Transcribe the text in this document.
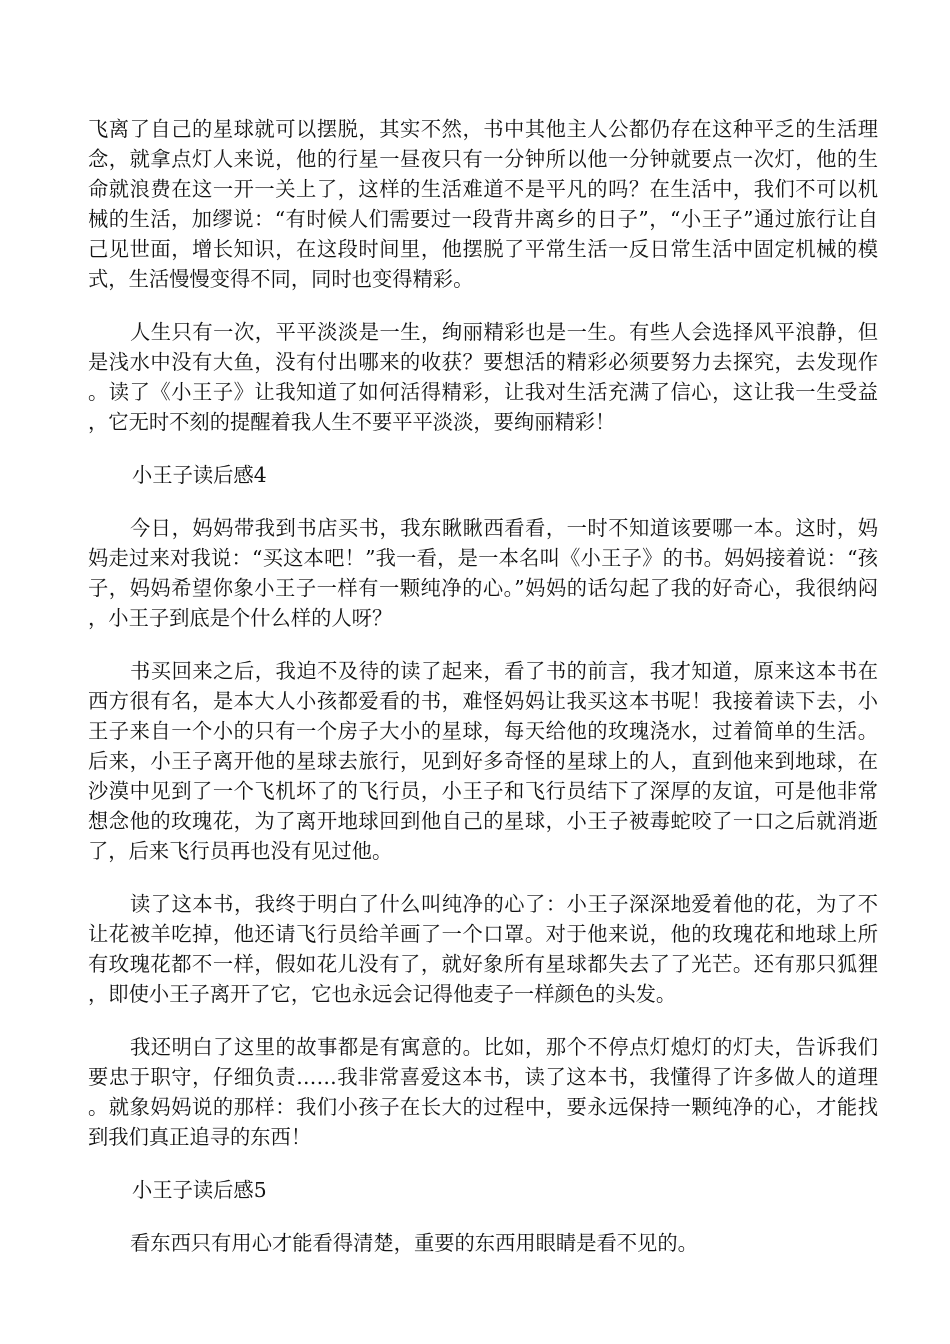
飞离了自己的星球就可以摆脱，其实不然，书中其他主人公都仍存在这种平乏的生活理念，就拿点灯人来说，他的行星一昼夜只有一分钟所以他一分钟就要点一次灯，他的生命就浪费在这一开一关上了，这样的生活难道不是平凡的吗？在生活中，我们不可以机械的生活，加缪说：“有时候人们需要过一段背井离乡的日子”，“小王子”通过旅行让自己见世面，增长知识，在这段时间里，他摆脱了平常生活一反日常生活中固定机械的模式，生活慢慢变得不同，同时也变得精彩。

人生只有一次，平平淡淡是一生，绚丽精彩也是一生。有些人会选择风平浪静，但是浅水中没有大鱼，没有付出哪来的收获？要想活的精彩必须要努力去探究，去发现作。读了《小王子》让我知道了如何活得精彩，让我对生活充满了信心，这让我一生受益，它无时不刻的提醒着我人生不要平平淡淡，要绚丽精彩！

小王子读后感4

今日，妈妈带我到书店买书，我东瞅瞅西看看，一时不知道该要哪一本。这时，妈妈走过来对我说：“买这本吧！”我一看，是一本名叫《小王子》的书。妈妈接着说：“孩子，妈妈希望你象小王子一样有一颗纯净的心。”妈妈的话勾起了我的好奇心，我很纳闷，小王子到底是个什么样的人呀？

书买回来之后，我迫不及待的读了起来，看了书的前言，我才知道，原来这本书在西方很有名，是本大人小孩都爱看的书，难怪妈妈让我买这本书呢！我接着读下去，小王子来自一个小的只有一个房子大小的星球，每天给他的玫瑰浇水，过着简单的生活。后来，小王子离开他的星球去旅行，见到好多奇怪的星球上的人，直到他来到地球，在沙漠中见到了一个飞机坏了的飞行员，小王子和飞行员结下了深厚的友谊，可是他非常想念他的玫瑰花，为了离开地球回到他自己的星球，小王子被毒蛇咬了一口之后就消逝了，后来飞行员再也没有见过他。

读了这本书，我终于明白了什么叫纯净的心了：小王子深深地爱着他的花，为了不让花被羊吃掉，他还请飞行员给羊画了一个口罩。对于他来说，他的玫瑰花和地球上所有玫瑰花都不一样，假如花儿没有了，就好象所有星球都失去了了光芒。还有那只狐狸，即使小王子离开了它，它也永远会记得他麦子一样颜色的头发。

我还明白了这里的故事都是有寓意的。比如，那个不停点灯熄灯的灯夫，告诉我们要忠于职守，仔细负责……我非常喜爱这本书，读了这本书，我懂得了许多做人的道理。就象妈妈说的那样：我们小孩子在长大的过程中，要永远保持一颗纯净的心，才能找到我们真正追寻的东西！

小王子读后感5

看东西只有用心才能看得清楚，重要的东西用眼睛是看不见的。
